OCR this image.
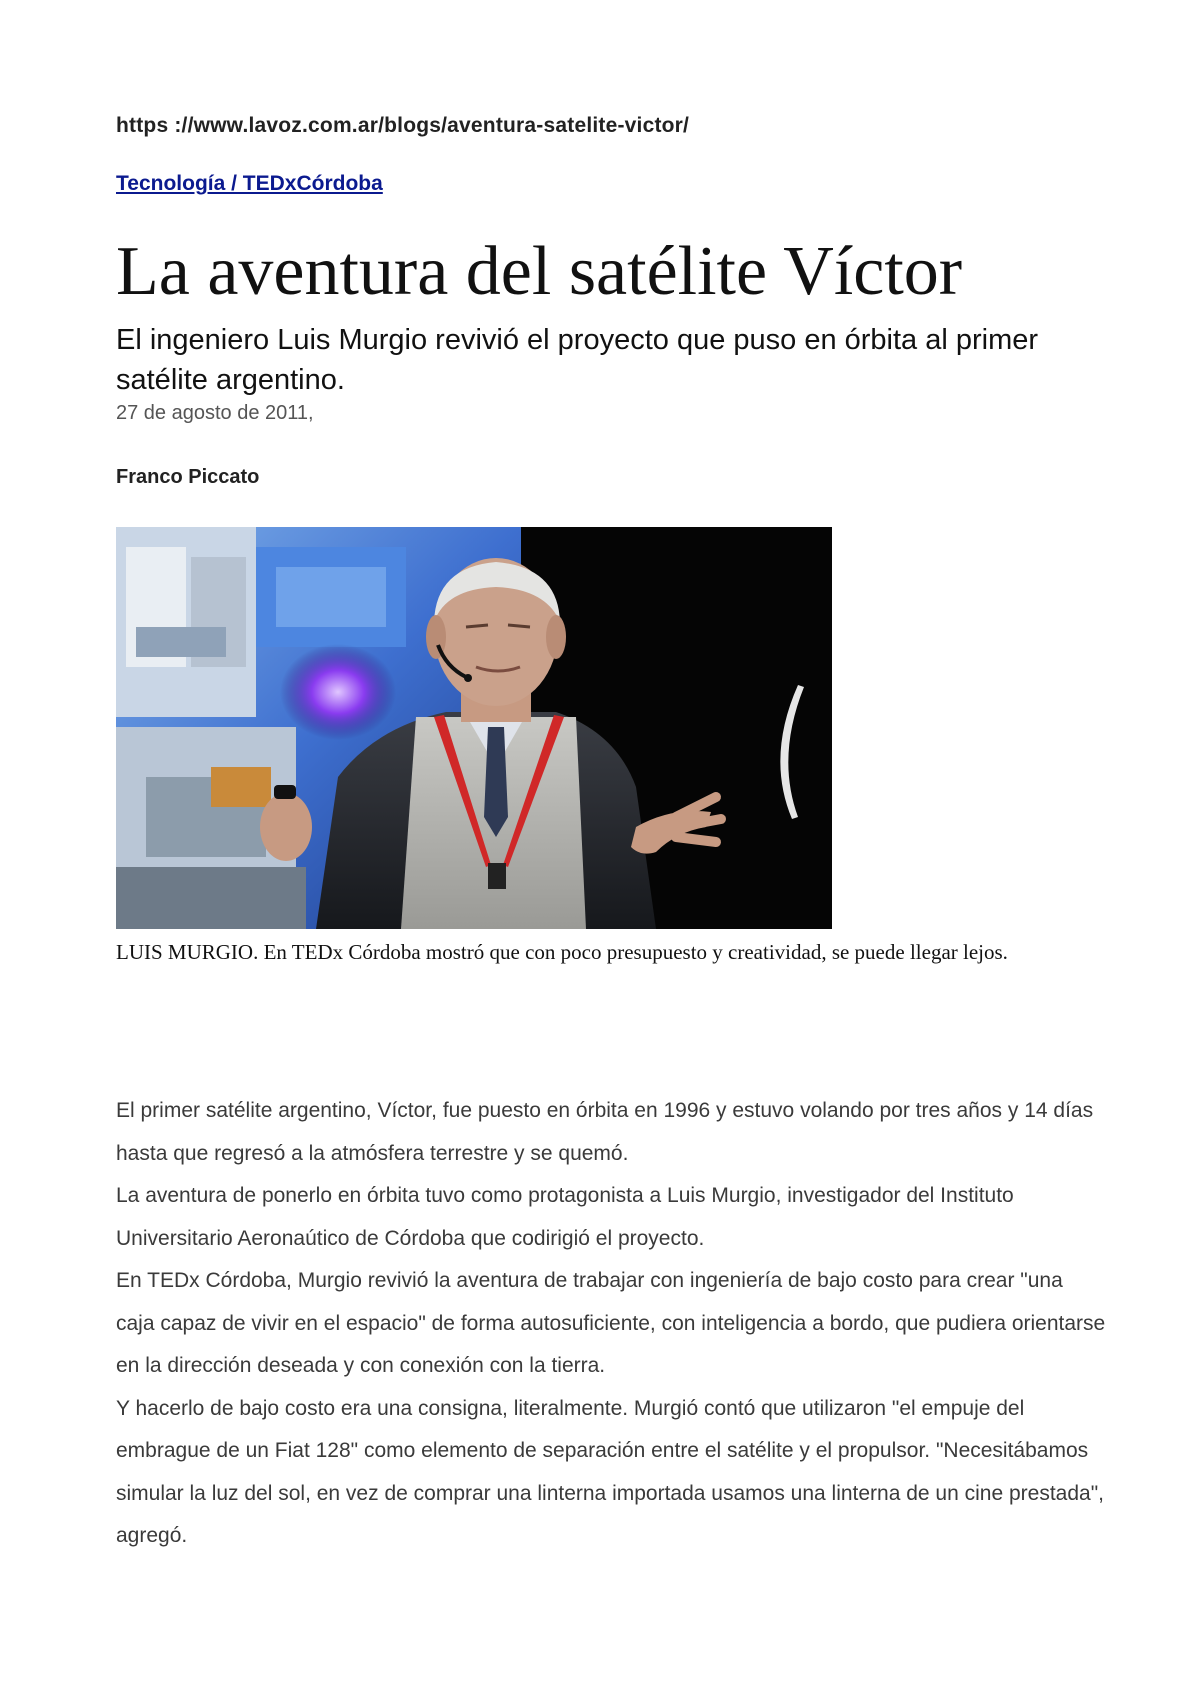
https ://www.lavoz.com.ar/blogs/aventura-satelite-victor/
Tecnología / TEDxCórdoba
La aventura del satélite Víctor
El ingeniero Luis Murgio revivió el proyecto que puso en órbita al primer satélite argentino.
27 de agosto de 2011,
Franco Piccato

LUIS MURGIO. En TEDx Córdoba mostró que con poco presupuesto y creatividad, se puede llegar lejos.

El primer satélite argentino, Víctor, fue puesto en órbita en 1996 y estuvo volando por tres años y 14 días hasta que regresó a la atmósfera terrestre y se quemó.

La aventura de ponerlo en órbita tuvo como protagonista a Luis Murgio, investigador del Instituto Universitario Aeronaútico de Córdoba que codirigió el proyecto.

En TEDx Córdoba, Murgio revivió la aventura de trabajar con ingeniería de bajo costo para crear "una caja capaz de vivir en el espacio" de forma autosuficiente, con inteligencia a bordo, que pudiera orientarse en la dirección deseada y con conexión con la tierra.

Y hacerlo de bajo costo era una consigna, literalmente. Murgió contó que utilizaron "el empuje del embrague de un Fiat 128" como elemento de separación entre el satélite y el propulsor. "Necesitábamos simular la luz del sol, en vez de comprar una linterna importada usamos una linterna de un cine prestada", agregó.
